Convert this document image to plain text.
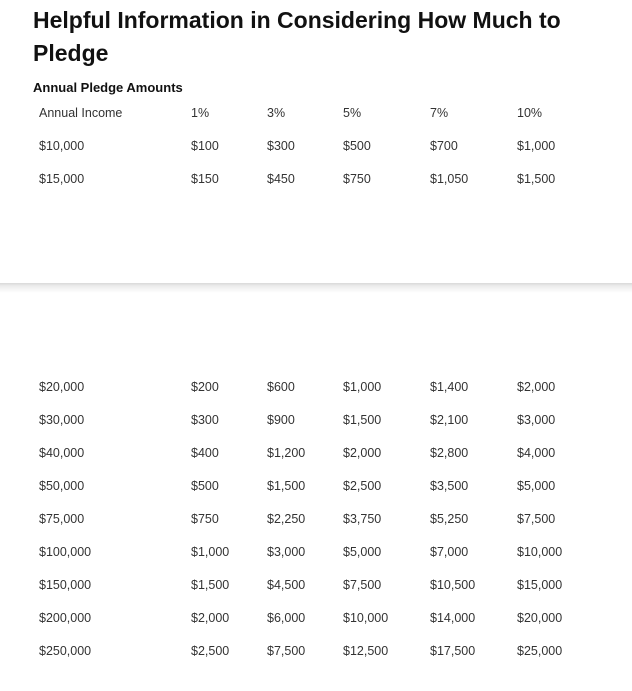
Helpful Information in Considering How Much to Pledge
Annual Pledge Amounts
Annual Income	1%	3%	5%	7%	10%
$10,000	$100	$300	$500	$700	$1,000
$15,000	$150	$450	$750	$1,050	$1,500
$20,000	$200	$600	$1,000	$1,400	$2,000
$30,000	$300	$900	$1,500	$2,100	$3,000
$40,000	$400	$1,200	$2,000	$2,800	$4,000
$50,000	$500	$1,500	$2,500	$3,500	$5,000
$75,000	$750	$2,250	$3,750	$5,250	$7,500
$100,000	$1,000	$3,000	$5,000	$7,000	$10,000
$150,000	$1,500	$4,500	$7,500	$10,500	$15,000
$200,000	$2,000	$6,000	$10,000	$14,000	$20,000
$250,000	$2,500	$7,500	$12,500	$17,500	$25,000
